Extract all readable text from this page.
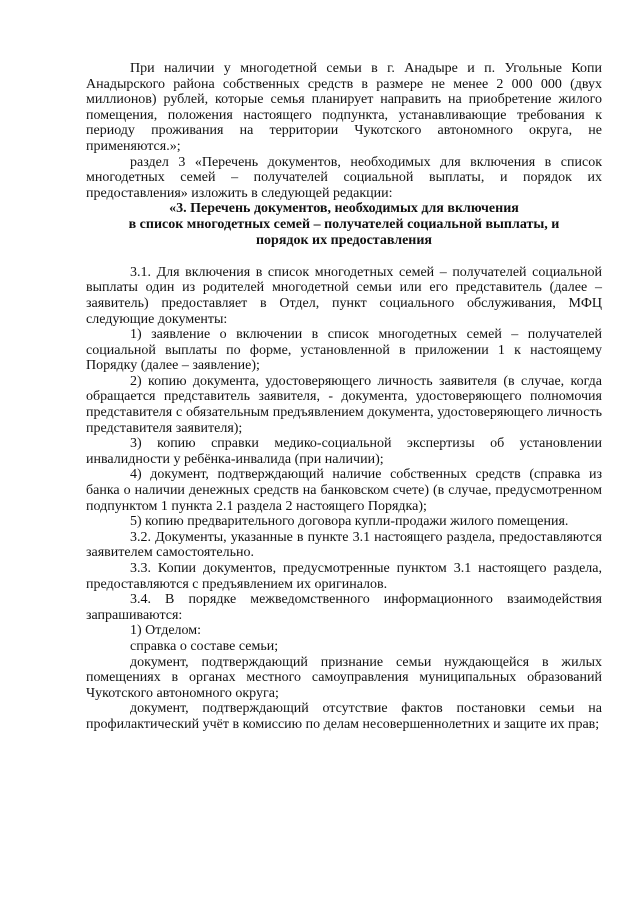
При наличии у многодетной семьи в г. Анадыре и п. Угольные Копи Анадырского района собственных средств в размере не менее 2 000 000 (двух миллионов) рублей, которые семья планирует направить на приобретение жилого помещения, положения настоящего подпункта, устанавливающие требования к периоду проживания на территории Чукотского автономного округа, не применяются.»;

раздел 3 «Перечень документов, необходимых для включения в список многодетных семей – получателей социальной выплаты, и порядок их предоставления» изложить в следующей редакции:

«3. Перечень документов, необходимых для включения

в список многодетных семей – получателей социальной выплаты, и

порядок их предоставления

3.1. Для включения в список многодетных семей – получателей социальной выплаты один из родителей многодетной семьи или его представитель (далее – заявитель) предоставляет в Отдел, пункт социального обслуживания, МФЦ следующие документы:

1) заявление о включении в список многодетных семей – получателей социальной выплаты по форме, установленной в приложении 1 к настоящему Порядку (далее – заявление);

2) копию документа, удостоверяющего личность заявителя (в случае, когда обращается представитель заявителя, - документа, удостоверяющего полномочия представителя с обязательным предъявлением документа, удостоверяющего личность представителя заявителя);

3) копию справки медико-социальной экспертизы об установлении инвалидности у ребёнка-инвалида (при наличии);

4) документ, подтверждающий наличие собственных средств (справка из банка о наличии денежных средств на банковском счете) (в случае, предусмотренном подпунктом 1 пункта 2.1 раздела 2 настоящего Порядка);

5) копию предварительного договора купли-продажи жилого помещения.

3.2. Документы, указанные в пункте 3.1 настоящего раздела, предоставляются заявителем самостоятельно.

3.3. Копии документов, предусмотренные пунктом 3.1 настоящего раздела, предоставляются с предъявлением их оригиналов.

3.4. В порядке межведомственного информационного взаимодействия запрашиваются:

1) Отделом:

справка о составе семьи;

документ, подтверждающий признание семьи нуждающейся в жилых помещениях в органах местного самоуправления муниципальных образований Чукотского автономного округа;

документ, подтверждающий отсутствие фактов постановки семьи на профилактический учёт в комиссию по делам несовершеннолетних и защите их прав;
